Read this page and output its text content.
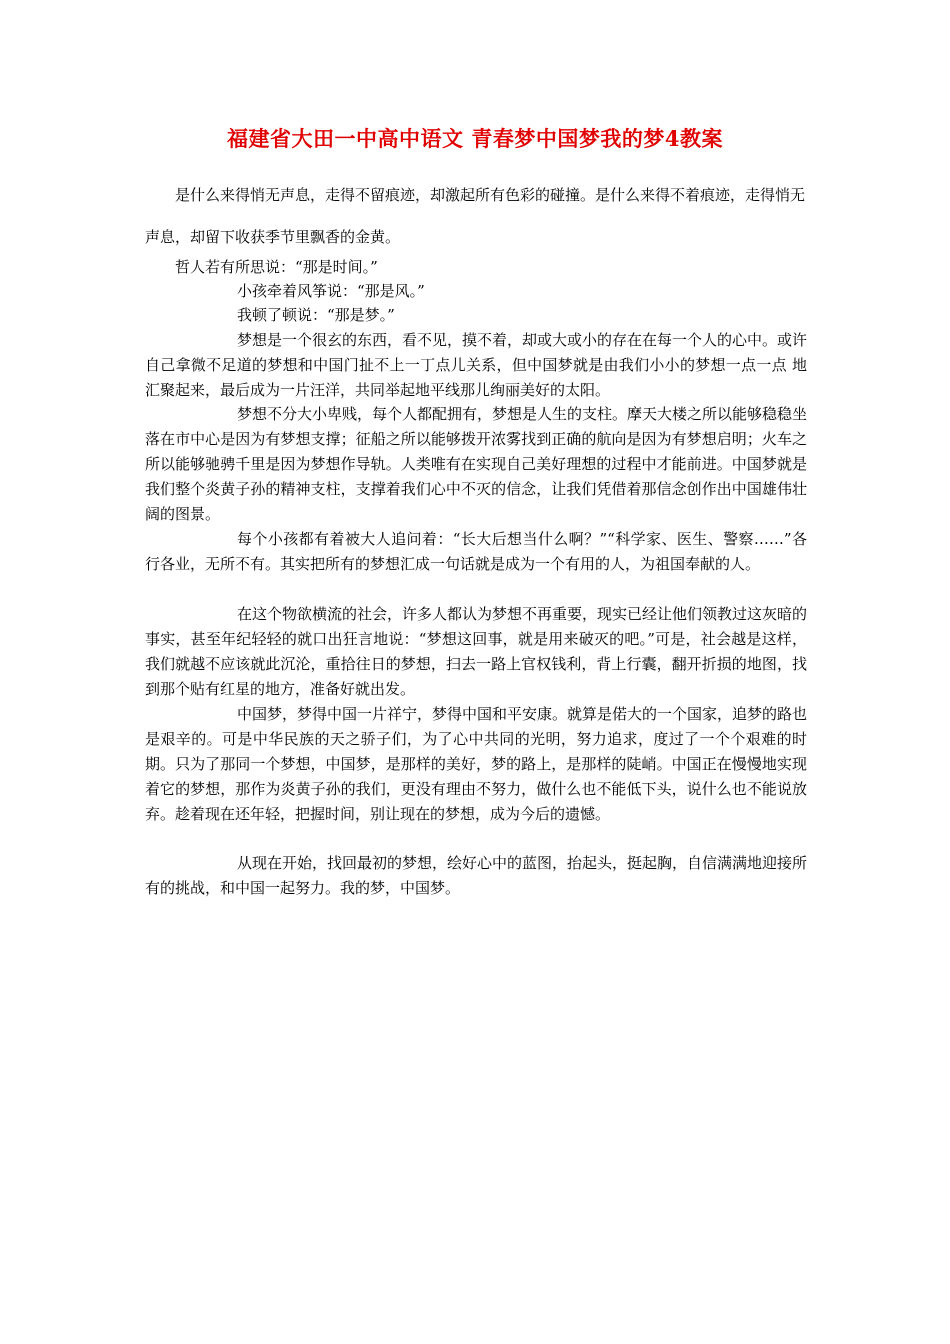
福建省大田一中高中语文 青春梦中国梦我的梦4教案
是什么来得悄无声息，走得不留痕迹，却激起所有色彩的碰撞。是什么来得不着痕迹，走得悄无声息，却留下收获季节里飘香的金黄。
哲人若有所思说：“那是时间。”
小孩牵着风筝说：“那是风。”
我顿了顿说：“那是梦。”
梦想是一个很玄的东西，看不见，摸不着，却或大或小的存在在每一个人的心中。或许自己拿微不足道的梦想和中国门扯不上一丁点儿关系，但中国梦就是由我们小小的梦想一点一点 地汇聚起来，最后成为一片汪洋，共同举起地平线那儿绚丽美好的太阳。
梦想不分大小卑贱，每个人都配拥有，梦想是人生的支柱。摩天大楼之所以能够稳稳坐落在市中心是因为有梦想支撑；征船之所以能够拨开浓雾找到正确的航向是因为有梦想启明；火车之所以能够驰骋千里是因为梦想作导轨。人类唯有在实现自己美好理想的过程中才能前进。中国梦就是我们整个炎黄子孙的精神支柱，支撑着我们心中不灭的信念，让我们凭借着那信念创作出中国雄伟壮阔的图景。
每个小孩都有着被大人追问着：“长大后想当什么啊？”“科学家、医生、警察……”各行各业，无所不有。其实把所有的梦想汇成一句话就是成为一个有用的人，为祖国奉献的人。
在这个物欲横流的社会，许多人都认为梦想不再重要，现实已经让他们领教过这灰暗的事实，甚至年纪轻轻的就口出狂言地说：“梦想这回事，就是用来破灭的吧。”可是，社会越是这样，我们就越不应该就此沉沦，重拾往日的梦想，扫去一路上官权钱利，背上行囊，翻开折损的地图，找到那个贴有红星的地方，准备好就出发。
中国梦，梦得中国一片祥宁，梦得中国和平安康。就算是偌大的一个国家，追梦的路也是艰辛的。可是中华民族的天之骄子们，为了心中共同的光明，努力追求，度过了一个个艰难的时期。只为了那同一个梦想，中国梦，是那样的美好，梦的路上，是那样的陡峭。中国正在慢慢地实现着它的梦想，那作为炎黄子孙的我们，更没有理由不努力，做什么也不能低下头，说什么也不能说放弃。趁着现在还年轻，把握时间，别让现在的梦想，成为今后的遗憾。
从现在开始，找回最初的梦想，绘好心中的蓝图，抬起头，挺起胸，自信满满地迎接所有的挑战，和中国一起努力。我的梦，中国梦。
